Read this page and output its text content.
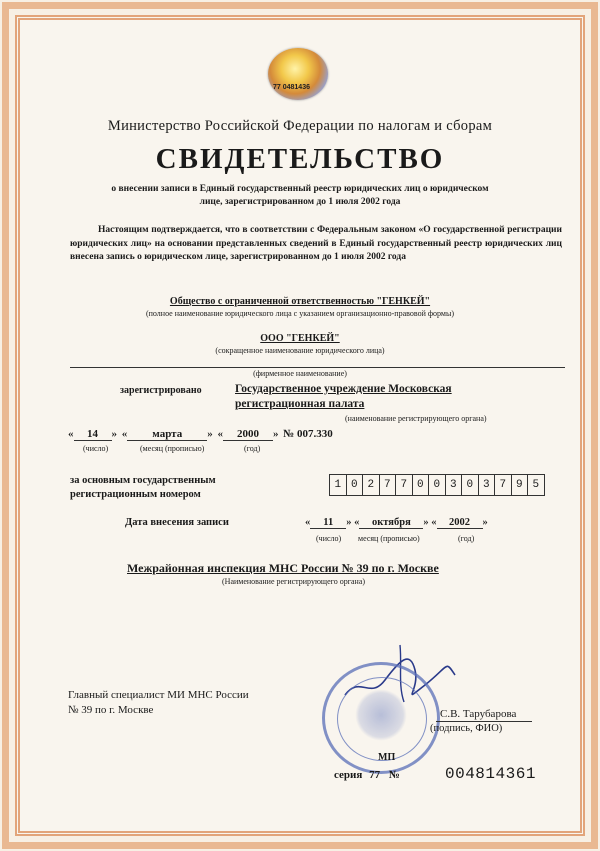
77 0481436
Министерство Российской Федерации по налогам и сборам
СВИДЕТЕЛЬСТВО
о внесении записи в Единый государственный реестр юридических лиц о юридическом
лице, зарегистрированном до 1 июля 2002 года
Настоящим подтверждается, что в соответствии с Федеральным законом «О государственной регистрации юридических лиц» на основании представленных сведений в Единый государственный реестр юридических лиц внесена запись о юридическом лице, зарегистрированном до 1 июля 2002 года
Общество с ограниченной ответственностью "ГЕНКЕЙ"
(полное наименование юридического лица с указанием организационно-правовой формы)
ООО "ГЕНКЕЙ"
(сокращенное наименование юридического лица)
(фирменное наименование)
зарегистрировано	Государственное учреждение Московская
регистрационная палата
(наименование регистрирующего органа)
« 14 » « марта » « 2000 » № 007.330
(число)	(месяц (прописью)	(год)
за основным государственным
регистрационным номером
1 0 2 7 7 0 0 3 0 3 7 9 5
Дата внесения записи	« 11 » « октября » « 2002 »
(число) месяц (прописью)	(год)
Межрайонная инспекция МНС России № 39 по г. Москве
(Наименование регистрирующего органа)
Главный специалист МИ МНС России
№ 39 по г. Москве	С.В. Тарубарова
(подпись, ФИО)
МП
серия 77 №	004814361
